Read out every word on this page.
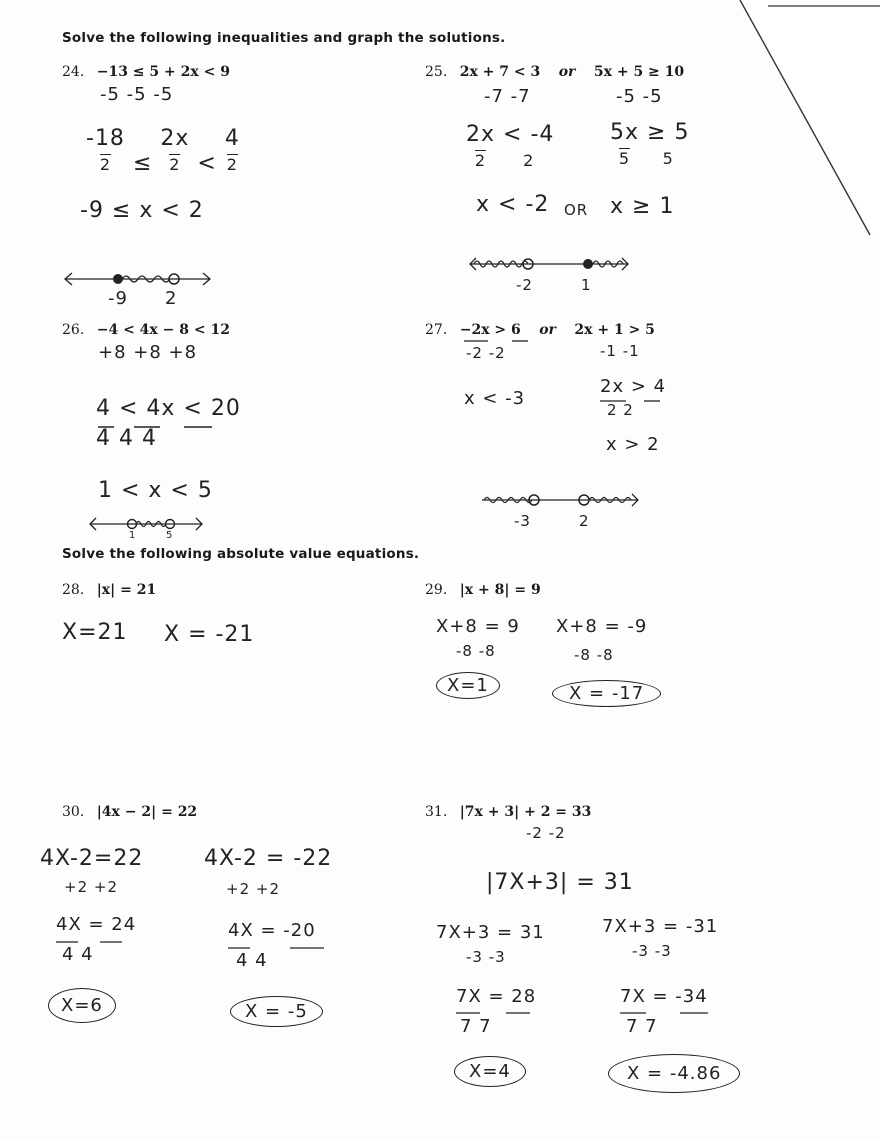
Solve the following inequalities and graph the solutions.
Solve the following absolute value equations.
24. −13 ≤ 5 + 2x < 9
-5 -5 -5
$\frac{-18}{2} \le \frac{2x}{2} < \frac{4}{2}$
-9 ≤ x < 2
-9 2
25. 2x + 7 < 3 or 5x + 5 ≥ 10
-7 -7	-5 -5
$\frac{2x}{2} < -4$
2	$\frac{5x}{5} \ge 5$
5
x < -2 OR x ≥ 1
-2	1
26. −4 < 4x − 8 < 12
+8 +8 +8
4 < 4x < 20
4 4 4
1 < x < 5
1	5
27. −2x > 6 or 2x + 1 > 5
-2 -2	-1 -1
x < -3
2x > 4
2 2
x > 2
-3	2
28. |x| = 21
X=21 X = -21
29. |x + 8| = 9
X+8 = 9
-8 -8
X=1
X+8 = -9
-8 -8
X = -17
30. |4x − 2| = 22
4X-2=22
+2 +2
4X = 24
4 4
X=6
4X-2 = -22
+2 +2
4X = -20
4 4
X = -5
31. |7x + 3| + 2 = 33
-2 -2
|7X+3| = 31
7X+3 = 31
-3 -3
7X = 28
7 7
X=4
7X+3 = -31
-3 -3
7X = -34
7 7
X = -4.86
